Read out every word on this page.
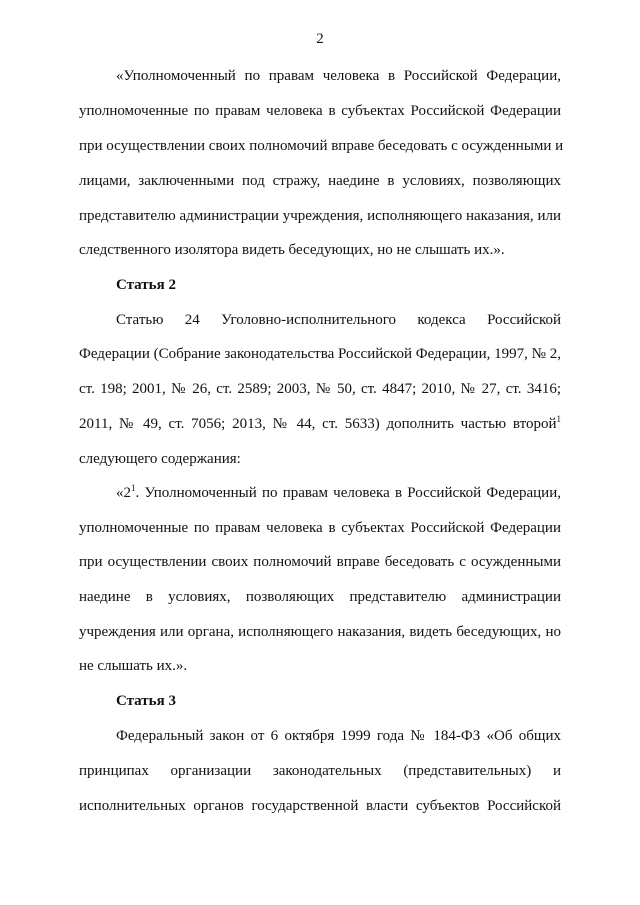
2
«Уполномоченный по правам человека в Российской Федерации,
уполномоченные по правам человека в субъектах Российской Федерации
при осуществлении своих полномочий вправе беседовать с осужденными и
лицами, заключенными под стражу, наедине в условиях, позволяющих
представителю администрации учреждения, исполняющего наказания, или
следственного изолятора видеть беседующих, но не слышать их.».
Статья 2
Статью 24 Уголовно-исполнительного кодекса Российской
Федерации (Собрание законодательства Российской Федерации, 1997, № 2,
ст. 198; 2001, № 26, ст. 2589; 2003, № 50, ст. 4847; 2010, № 27, ст. 3416;
2011, № 49, ст. 7056; 2013, № 44, ст. 5633) дополнить частью второй$^1$
следующего содержания:
«$2^1$. Уполномоченный по правам человека в Российской Федерации,
уполномоченные по правам человека в субъектах Российской Федерации
при осуществлении своих полномочий вправе беседовать с осужденными
наедине в условиях, позволяющих представителю администрации
учреждения или органа, исполняющего наказания, видеть беседующих, но
не слышать их.».
Статья 3
Федеральный закон от 6 октября 1999 года № 184-ФЗ «Об общих
принципах организации законодательных (представительных) и
исполнительных органов государственной власти субъектов Российской
